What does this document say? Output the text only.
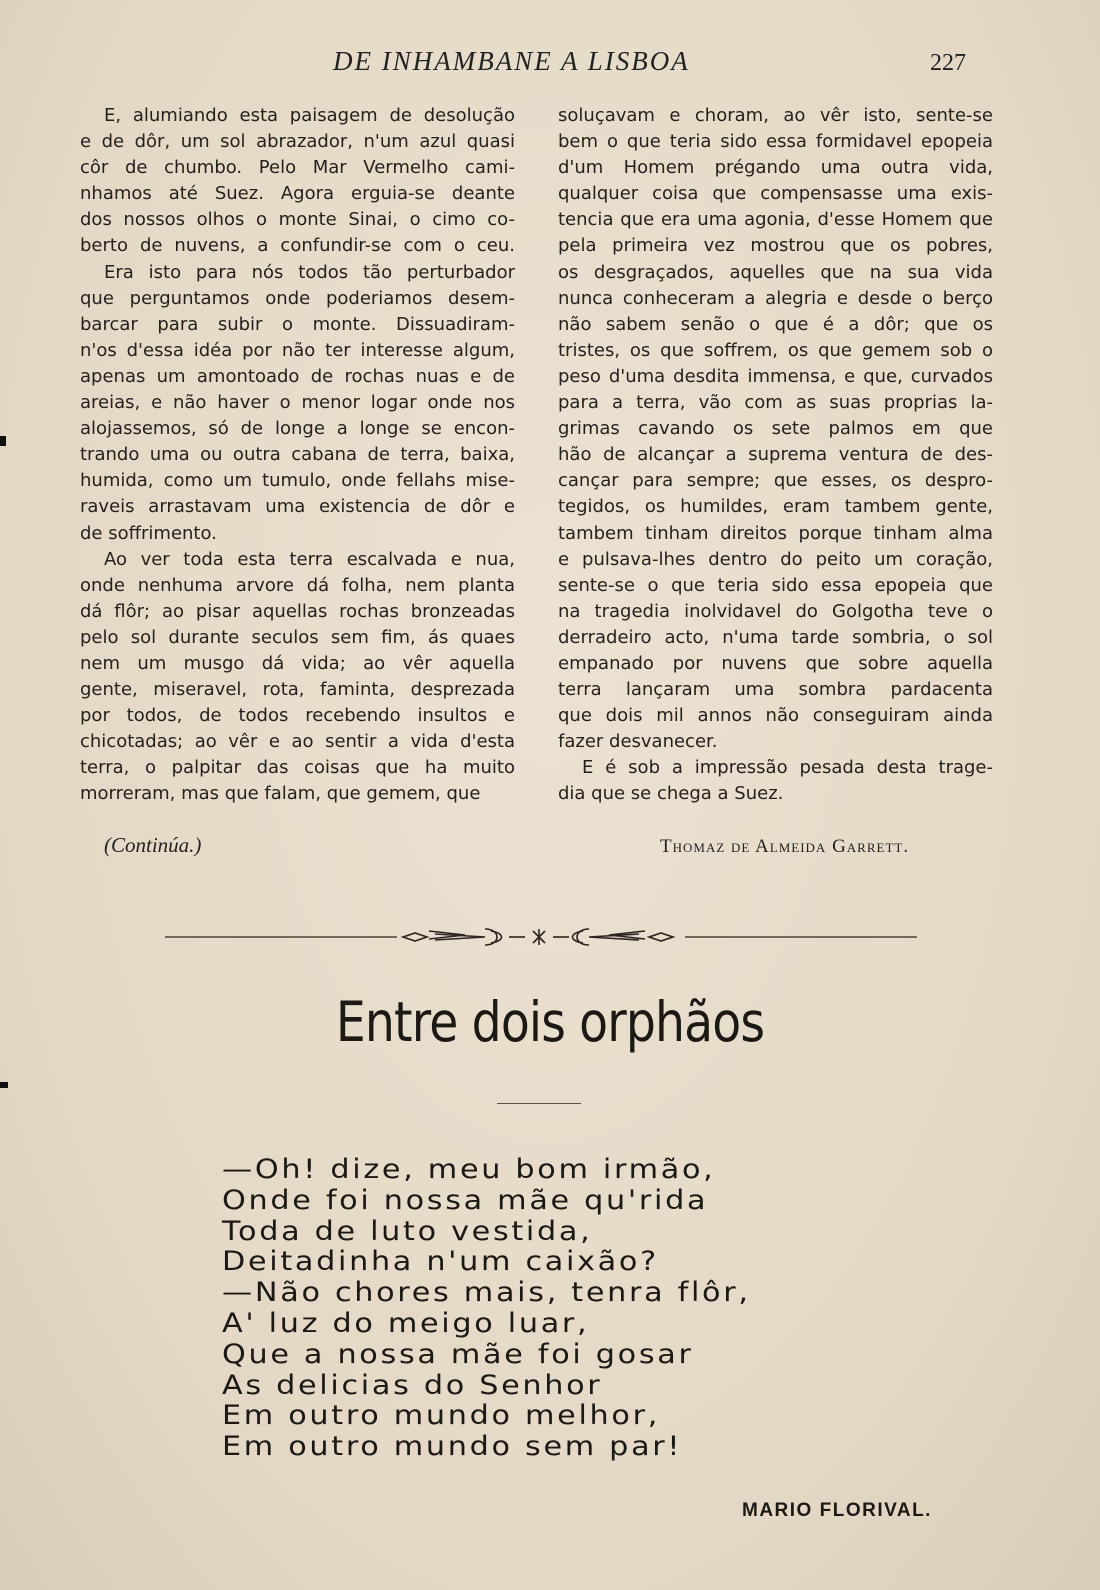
DE INHAMBANE A LISBOA	227
E, alumiando esta paisagem de desolução
e de dôr, um sol abrazador, n'um azul quasi
côr de chumbo. Pelo Mar Vermelho cami-
nhamos até Suez. Agora erguia-se deante
dos nossos olhos o monte Sinai, o cimo co-
berto de nuvens, a confundir-se com o ceu.
Era isto para nós todos tão perturbador
que perguntamos onde poderiamos desem-
barcar para subir o monte. Dissuadiram-
n'os d'essa idéa por não ter interesse algum,
apenas um amontoado de rochas nuas e de
areias, e não haver o menor logar onde nos
alojassemos, só de longe a longe se encon-
trando uma ou outra cabana de terra, baixa,
humida, como um tumulo, onde fellahs mise-
raveis arrastavam uma existencia de dôr e
de soffrimento.
Ao ver toda esta terra escalvada e nua,
onde nenhuma arvore dá folha, nem planta
dá flôr; ao pisar aquellas rochas bronzeadas
pelo sol durante seculos sem fim, ás quaes
nem um musgo dá vida; ao vêr aquella
gente, miseravel, rota, faminta, desprezada
por todos, de todos recebendo insultos e
chicotadas; ao vêr e ao sentir a vida d'esta
terra, o palpitar das coisas que ha muito
morreram, mas que falam, que gemem, que
soluçavam e choram, ao vêr isto, sente-se
bem o que teria sido essa formidavel epopeia
d'um Homem prégando uma outra vida,
qualquer coisa que compensasse uma exis-
tencia que era uma agonia, d'esse Homem que
pela primeira vez mostrou que os pobres,
os desgraçados, aquelles que na sua vida
nunca conheceram a alegria e desde o berço
não sabem senão o que é a dôr; que os
tristes, os que soffrem, os que gemem sob o
peso d'uma desdita immensa, e que, curvados
para a terra, vão com as suas proprias la-
grimas cavando os sete palmos em que
hão de alcançar a suprema ventura de des-
cançar para sempre; que esses, os despro-
tegidos, os humildes, eram tambem gente,
tambem tinham direitos porque tinham alma
e pulsava-lhes dentro do peito um coração,
sente-se o que teria sido essa epopeia que
na tragedia inolvidavel do Golgotha teve o
derradeiro acto, n'uma tarde sombria, o sol
empanado por nuvens que sobre aquella
terra lançaram uma sombra pardacenta
que dois mil annos não conseguiram ainda
fazer desvanecer.
E é sob a impressão pesada desta trage-
dia que se chega a Suez.
(Continúa.)	Thomaz de Almeida Garrett.
Entre dois orphãos
—Oh! dize, meu bom irmão,
Onde foi nossa mãe qu'rida
Toda de luto vestida,
Deitadinha n'um caixão?
—Não chores mais, tenra flôr,
A' luz do meigo luar,
Que a nossa mãe foi gosar
As delicias do Senhor
Em outro mundo melhor,
Em outro mundo sem par!
MARIO FLORIVAL.
